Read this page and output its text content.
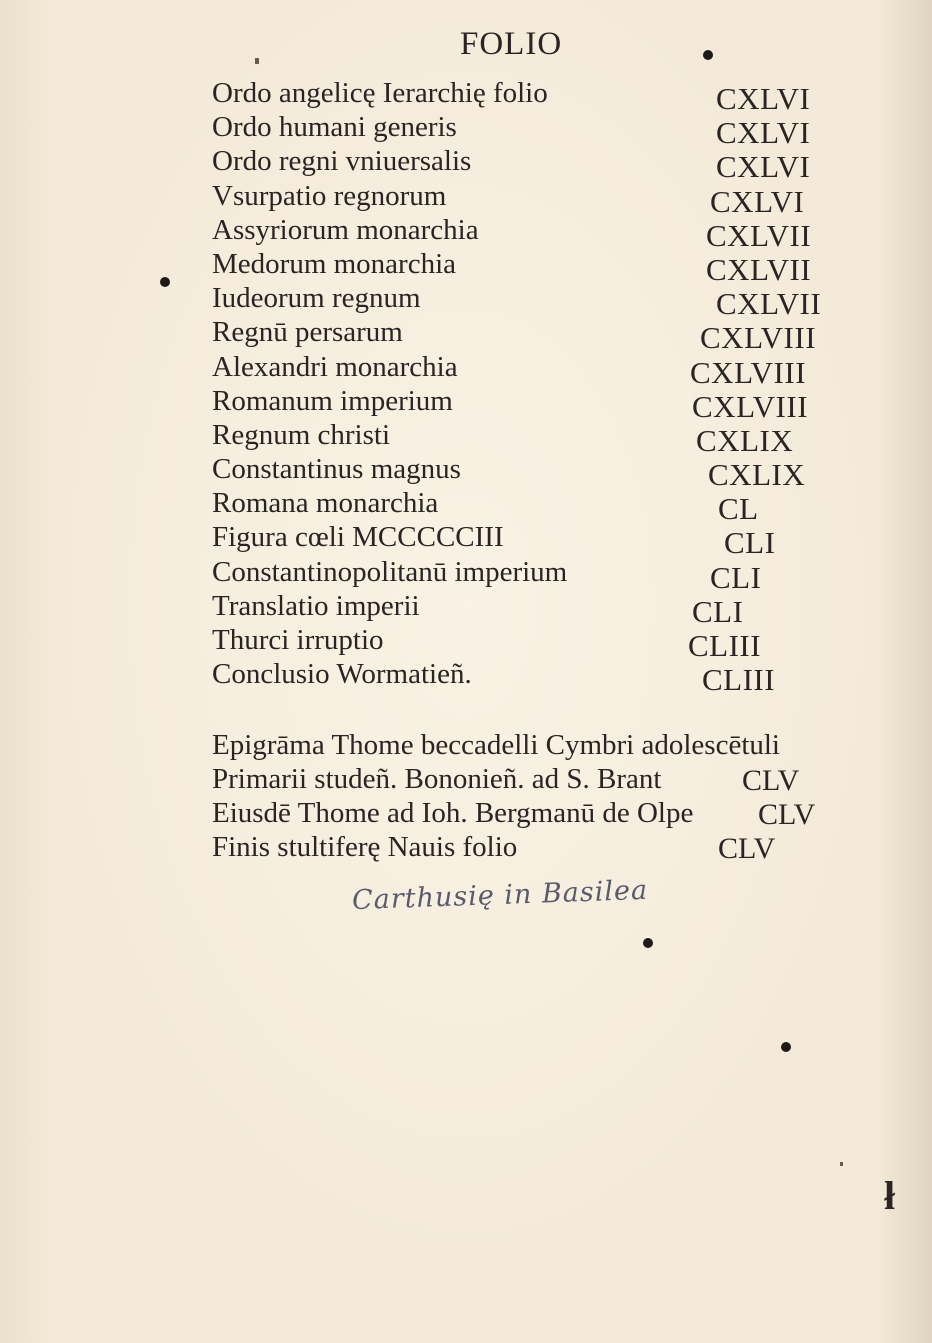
FOLIO
Ordo angelicę Ierarchię folio	CXLVI
Ordo humani generis	CXLVI
Ordo regni vniuersalis	CXLVI
Vsurpatio regnorum	CXLVI
Assyriorum monarchia	CXLVII
Medorum monarchia	CXLVII
Iudeorum regnum	CXLVII
Regnū persarum	CXLVIII
Alexandri monarchia	CXLVIII
Romanum imperium	CXLVIII
Regnum christi	CXLIX
Constantinus magnus	CXLIX
Romana monarchia	CL
Figura cœli MCCCCCIII	CLI
Constantinopolitanū imperium	CLI
Translatio imperii	CLI
Thurci irruptio	CLIII
Conclusio Wormatieñ.	CLIII
Epigrāma Thome beccadelli Cymbri adolescētuli
Primarii studeñ. Bononieñ. ad S. Brant	CLV
Eiusdē Thome ad Ioh. Bergmanū de Olpe CLV
Finis stultiferę Nauis folio	CLV
Carthusię in Basilea
ł
